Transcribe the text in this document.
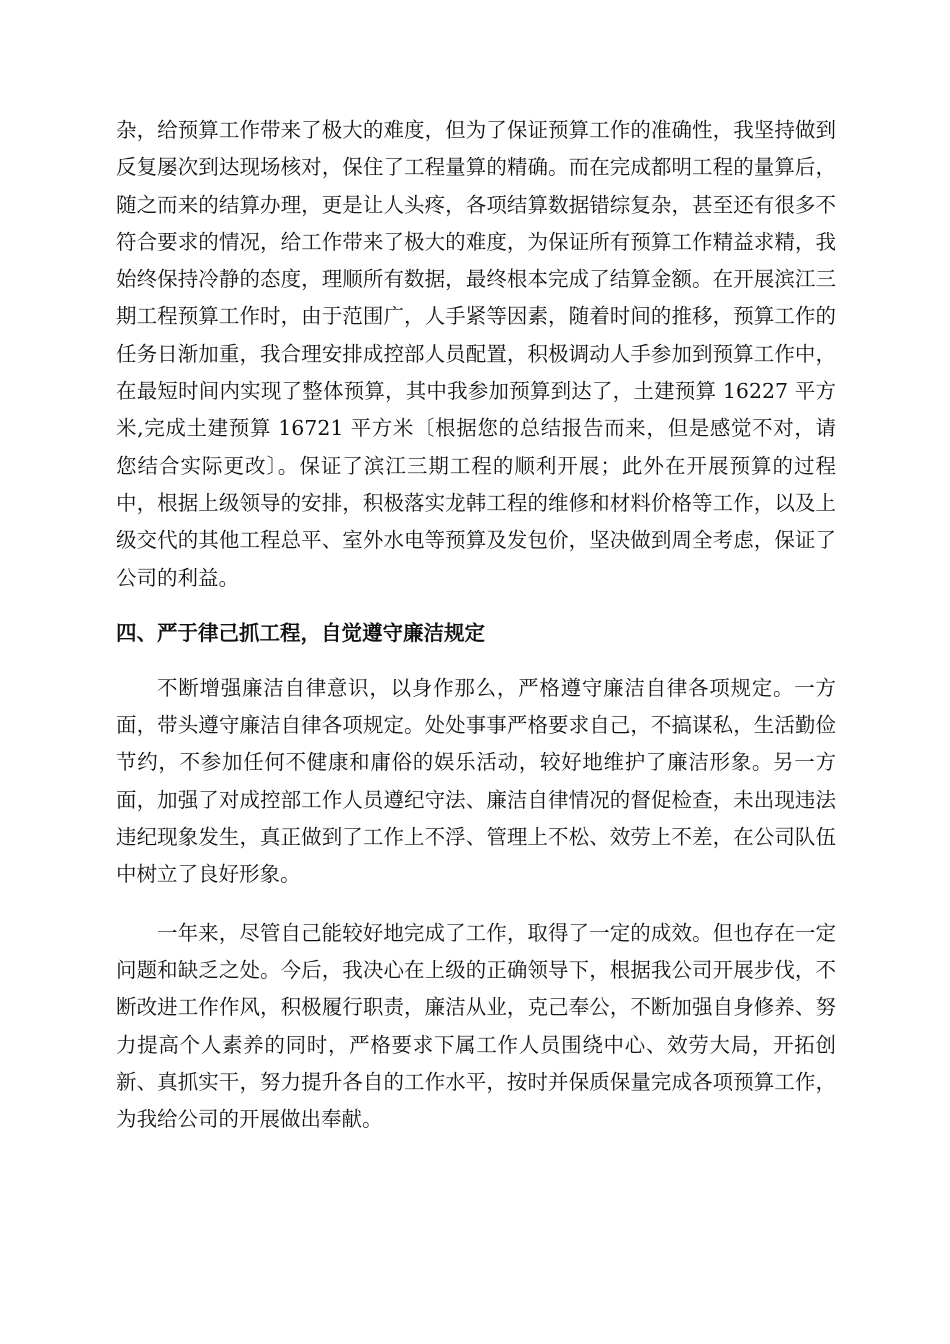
杂，给预算工作带来了极大的难度，但为了保证预算工作的准确性，我坚持做到反复屡次到达现场核对，保住了工程量算的精确。而在完成都明工程的量算后，随之而来的结算办理，更是让人头疼，各项结算数据错综复杂，甚至还有很多不符合要求的情况，给工作带来了极大的难度，为保证所有预算工作精益求精，我始终保持冷静的态度，理顺所有数据，最终根本完成了结算金额。在开展滨江三期工程预算工作时，由于范围广，人手紧等因素，随着时间的推移，预算工作的任务日渐加重，我合理安排成控部人员配置，积极调动人手参加到预算工作中，在最短时间内实现了整体预算，其中我参加预算到达了，土建预算 16227 平方米,完成土建预算 16721 平方米〔根据您的总结报告而来，但是感觉不对，请您结合实际更改〕。保证了滨江三期工程的顺利开展；此外在开展预算的过程中，根据上级领导的安排，积极落实龙韩工程的维修和材料价格等工作，以及上级交代的其他工程总平、室外水电等预算及发包价，坚决做到周全考虑，保证了公司的利益。

四、严于律己抓工程，自觉遵守廉洁规定

不断增强廉洁自律意识，以身作那么，严格遵守廉洁自律各项规定。一方面，带头遵守廉洁自律各项规定。处处事事严格要求自己，不搞谋私，生活勤俭节约，不参加任何不健康和庸俗的娱乐活动，较好地维护了廉洁形象。另一方面，加强了对成控部工作人员遵纪守法、廉洁自律情况的督促检查，未出现违法违纪现象发生，真正做到了工作上不浮、管理上不松、效劳上不差，在公司队伍中树立了良好形象。

一年来，尽管自己能较好地完成了工作，取得了一定的成效。但也存在一定问题和缺乏之处。今后，我决心在上级的正确领导下，根据我公司开展步伐，不断改进工作作风，积极履行职责，廉洁从业，克己奉公，不断加强自身修养、努力提高个人素养的同时，严格要求下属工作人员围绕中心、效劳大局，开拓创新、真抓实干，努力提升各自的工作水平，按时并保质保量完成各项预算工作，为我给公司的开展做出奉献。
